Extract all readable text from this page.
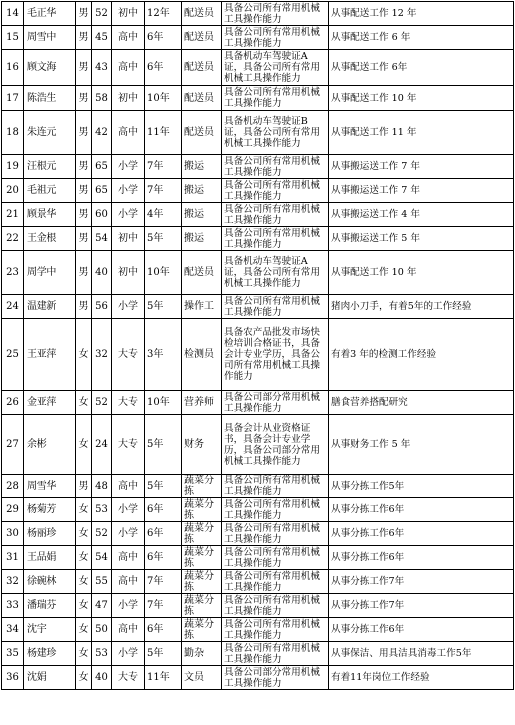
14	毛正华	男	52	初中	12年	配送员	具备公司所有常用机械工具操作能力	从事配送工作 12 年
15	周雪中	男	45	高中	6年	配送员	具备公司所有常用机械工具操作能力	从事配送工作 6 年
16	顾文海	男	43	高中	6年	配送员	具备机动车驾驶证A证，具备公司所有常用机械工具操作能力	从事配送工作 6年
17	陈浩生	男	58	初中	10年	配送员	具备公司所有常用机械工具操作能力	从事配送工作 10 年
18	朱连元	男	42	高中	11年	配送员	具备机动车驾驶证B证，具备公司所有常用机械工具操作能力	从事配送工作 11 年
19	汪根元	男	65	小学	7年	搬运	具备公司所有常用机械工具操作能力	从事搬运送工作 7 年
20	毛祖元	男	65	小学	7年	搬运	具备公司所有常用机械工具操作能力	从事搬运送工作 7 年
21	顾景华	男	60	小学	4年	搬运	具备公司所有常用机械工具操作能力	从事搬运送工作 4 年
22	王金根	男	54	初中	5年	搬运	具备公司所有常用机械工具操作能力	从事搬运送工作 5 年
23	周学中	男	40	初中	10年	配送员	具备机动车驾驶证A证，具备公司所有常用机械工具操作能力	从事配送工作 10 年
24	温建新	男	56	小学	5年	操作工	具备公司所有常用机械工具操作能力	猪肉小刀手，有着5年的工作经验
25	王亚萍	女	32	大专	3年	检测员	具备农产品批发市场快检培训合格证书，具备会计专业学历，具备公司所有常用机械工具操作能力	有着3 年的检测工作经验
26	金亚萍	女	52	大专	10年	营养师	具备公司部分常用机械工具操作能力	膳食营养搭配研究
27	余彬	女	24	大专	5年	财务	具备会计从业资格证书，具备会计专业学历，具备公司部分常用机械工具操作能力	从事财务工作 5 年
28	周雪华	男	48	高中	5年	蔬菜分拣	具备公司所有常用机械工具操作能力	从事分拣工作5年
29	杨菊芳	女	53	小学	6年	蔬菜分拣	具备公司所有常用机械工具操作能力	从事分拣工作6年
30	杨丽珍	女	52	小学	6年	蔬菜分拣	具备公司所有常用机械工具操作能力	从事分拣工作6年
31	王品娟	女	54	高中	6年	蔬菜分拣	具备公司所有常用机械工具操作能力	从事分拣工作6年
32	徐碗林	女	55	高中	7年	蔬菜分拣	具备公司所有常用机械工具操作能力	从事分拣工作7年
33	潘瑞芬	女	47	小学	7年	蔬菜分拣	具备公司所有常用机械工具操作能力	从事分拣工作7年
34	沈宇	女	50	高中	6年	蔬菜分拣	具备公司所有常用机械工具操作能力	从事分拣工作6年
35	杨建珍	女	53	小学	5年	勤杂	具备公司所有常用机械工具操作能力	从事保洁、用具洁具消毒工作5年
36	沈娟	女	40	大专	11年	文员	具备公司部分常用机械工具操作能力	有着11年岗位工作经验
